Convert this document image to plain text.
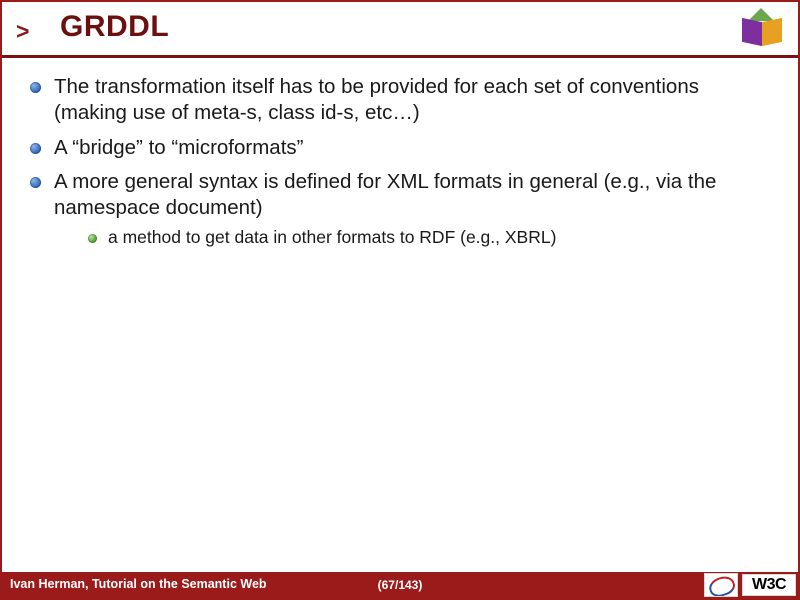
> GRDDL
The transformation itself has to be provided for each set of conventions (making use of meta-s, class id-s, etc…)
A “bridge” to “microformats”
A more general syntax is defined for XML formats in general (e.g., via the namespace document)
a method to get data in other formats to RDF (e.g., XBRL)
Ivan Herman, Tutorial on the Semantic Web	(67/143)	W3C
